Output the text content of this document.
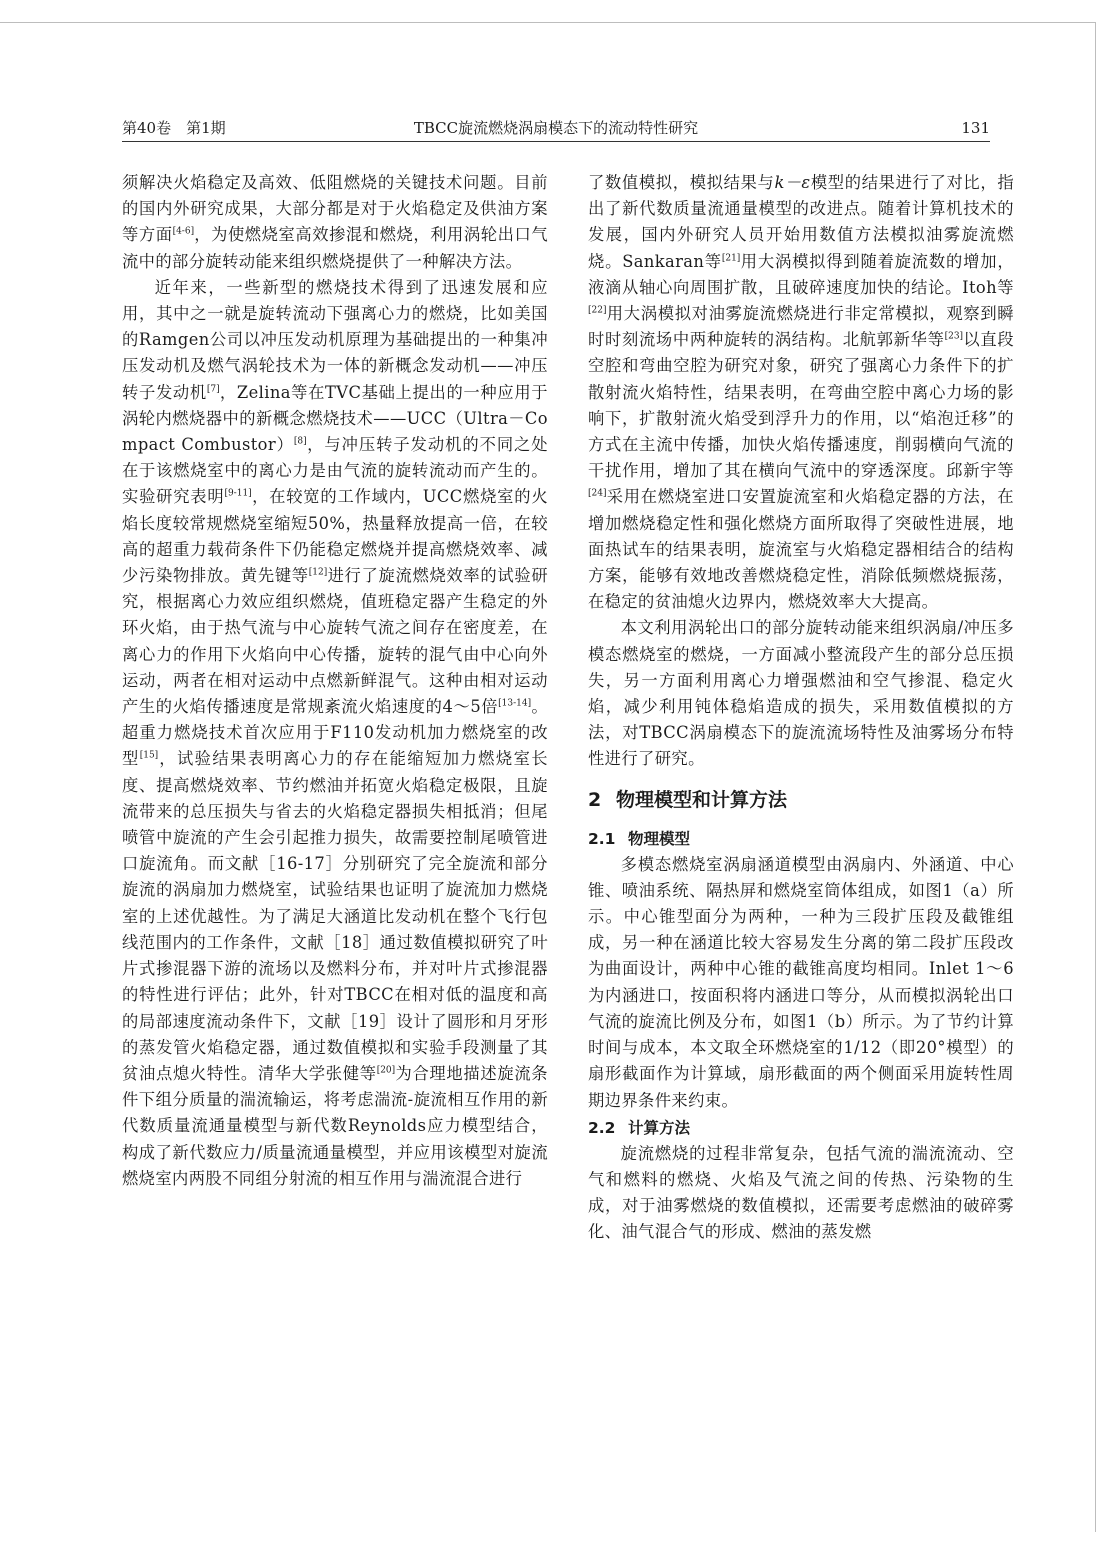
第40卷　第1期	TBCC旋流燃烧涡扇模态下的流动特性研究	131

须解决火焰稳定及高效、低阻燃烧的关键技术问题。目前的国内外研究成果，大部分都是对于火焰稳定及供油方案等方面[4-6]，为使燃烧室高效掺混和燃烧，利用涡轮出口气流中的部分旋转动能来组织燃烧提供了一种解决方法。

近年来，一些新型的燃烧技术得到了迅速发展和应用，其中之一就是旋转流动下强离心力的燃烧，比如美国的Ramgen公司以冲压发动机原理为基础提出的一种集冲压发动机及燃气涡轮技术为一体的新概念发动机——冲压转子发动机[7]，Zelina等在TVC基础上提出的一种应用于涡轮内燃烧器中的新概念燃烧技术——UCC（Ultra－Compact Combustor）[8]，与冲压转子发动机的不同之处在于该燃烧室中的离心力是由气流的旋转流动而产生的。实验研究表明[9-11]，在较宽的工作域内，UCC燃烧室的火焰长度较常规燃烧室缩短50%，热量释放提高一倍，在较高的超重力载荷条件下仍能稳定燃烧并提高燃烧效率、减少污染物排放。黄先键等[12]进行了旋流燃烧效率的试验研究，根据离心力效应组织燃烧，值班稳定器产生稳定的外环火焰，由于热气流与中心旋转气流之间存在密度差，在离心力的作用下火焰向中心传播，旋转的混气由中心向外运动，两者在相对运动中点燃新鲜混气。这种由相对运动产生的火焰传播速度是常规紊流火焰速度的4～5倍[13-14]。超重力燃烧技术首次应用于F110发动机加力燃烧室的改型[15]，试验结果表明离心力的存在能缩短加力燃烧室长度、提高燃烧效率、节约燃油并拓宽火焰稳定极限，且旋流带来的总压损失与省去的火焰稳定器损失相抵消；但尾喷管中旋流的产生会引起推力损失，故需要控制尾喷管进口旋流角。而文献［16-17］分别研究了完全旋流和部分旋流的涡扇加力燃烧室，试验结果也证明了旋流加力燃烧室的上述优越性。为了满足大涵道比发动机在整个飞行包线范围内的工作条件，文献［18］通过数值模拟研究了叶片式掺混器下游的流场以及燃料分布，并对叶片式掺混器的特性进行评估；此外，针对TBCC在相对低的温度和高的局部速度流动条件下，文献［19］设计了圆形和月牙形的蒸发管火焰稳定器，通过数值模拟和实验手段测量了其贫油点熄火特性。清华大学张健等[20]为合理地描述旋流条件下组分质量的湍流输运，将考虑湍流-旋流相互作用的新代数质量流通量模型与新代数Reynolds应力模型结合，构成了新代数应力/质量流通量模型，并应用该模型对旋流燃烧室内两股不同组分射流的相互作用与湍流混合进行

了数值模拟，模拟结果与k－ε模型的结果进行了对比，指出了新代数质量流通量模型的改进点。随着计算机技术的发展，国内外研究人员开始用数值方法模拟油雾旋流燃烧。Sankaran等[21]用大涡模拟得到随着旋流数的增加，液滴从轴心向周围扩散，且破碎速度加快的结论。Itoh等[22]用大涡模拟对油雾旋流燃烧进行非定常模拟，观察到瞬时时刻流场中两种旋转的涡结构。北航郭新华等[23]以直段空腔和弯曲空腔为研究对象，研究了强离心力条件下的扩散射流火焰特性，结果表明，在弯曲空腔中离心力场的影响下，扩散射流火焰受到浮升力的作用，以“焰泡迁移”的方式在主流中传播，加快火焰传播速度，削弱横向气流的干扰作用，增加了其在横向气流中的穿透深度。邱新宇等[24]采用在燃烧室进口安置旋流室和火焰稳定器的方法，在增加燃烧稳定性和强化燃烧方面所取得了突破性进展，地面热试车的结果表明，旋流室与火焰稳定器相结合的结构方案，能够有效地改善燃烧稳定性，消除低频燃烧振荡，在稳定的贫油熄火边界内，燃烧效率大大提高。

本文利用涡轮出口的部分旋转动能来组织涡扇/冲压多模态燃烧室的燃烧，一方面减小整流段产生的部分总压损失，另一方面利用离心力增强燃油和空气掺混、稳定火焰，减少利用钝体稳焰造成的损失，采用数值模拟的方法，对TBCC涡扇模态下的旋流流场特性及油雾场分布特性进行了研究。

2 物理模型和计算方法
2.1 物理模型

多模态燃烧室涡扇涵道模型由涡扇内、外涵道、中心锥、喷油系统、隔热屏和燃烧室筒体组成，如图1（a）所示。中心锥型面分为两种，一种为三段扩压段及截锥组成，另一种在涵道比较大容易发生分离的第二段扩压段改为曲面设计，两种中心锥的截锥高度均相同。Inlet 1～6为内涵进口，按面积将内涵进口等分，从而模拟涡轮出口气流的旋流比例及分布，如图1（b）所示。为了节约计算时间与成本，本文取全环燃烧室的1/12（即20°模型）的扇形截面作为计算域，扇形截面的两个侧面采用旋转性周期边界条件来约束。

2.2 计算方法

旋流燃烧的过程非常复杂，包括气流的湍流流动、空气和燃料的燃烧、火焰及气流之间的传热、污染物的生成，对于油雾燃烧的数值模拟，还需要考虑燃油的破碎雾化、油气混合气的形成、燃油的蒸发燃
